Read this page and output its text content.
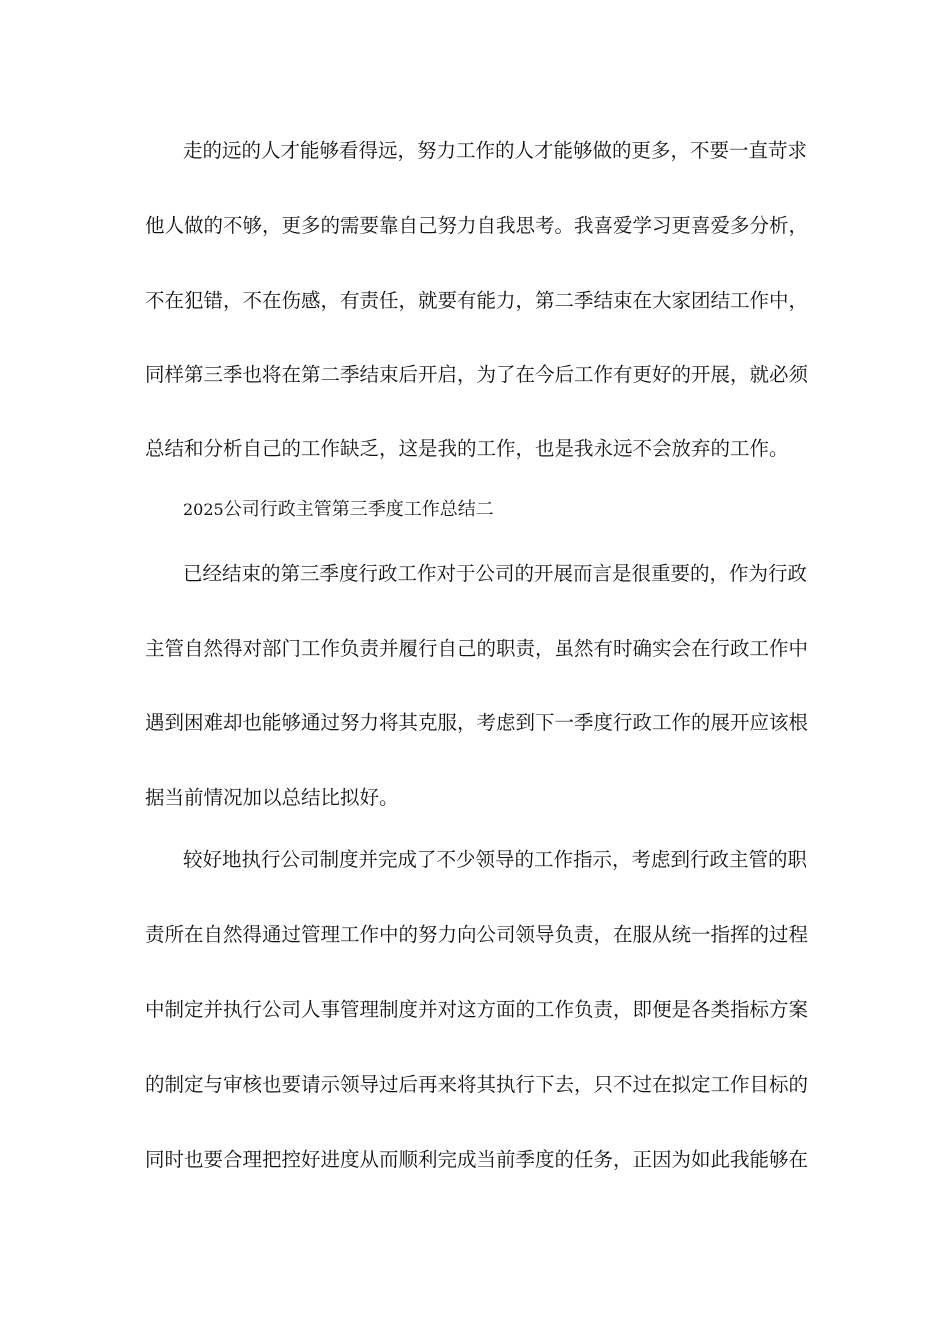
走的远的人才能够看得远，努力工作的人才能够做的更多，不要一直苛求
他人做的不够，更多的需要靠自己努力自我思考。我喜爱学习更喜爱多分析，
不在犯错，不在伤感，有责任，就要有能力，第二季结束在大家团结工作中，
同样第三季也将在第二季结束后开启，为了在今后工作有更好的开展，就必须
总结和分析自己的工作缺乏，这是我的工作，也是我永远不会放弃的工作。
2025公司行政主管第三季度工作总结二
已经结束的第三季度行政工作对于公司的开展而言是很重要的，作为行政
主管自然得对部门工作负责并履行自己的职责，虽然有时确实会在行政工作中
遇到困难却也能够通过努力将其克服，考虑到下一季度行政工作的展开应该根
据当前情况加以总结比拟好。
较好地执行公司制度并完成了不少领导的工作指示，考虑到行政主管的职
责所在自然得通过管理工作中的努力向公司领导负责，在服从统一指挥的过程
中制定并执行公司人事管理制度并对这方面的工作负责，即便是各类指标方案
的制定与审核也要请示领导过后再来将其执行下去，只不过在拟定工作目标的
同时也要合理把控好进度从而顺利完成当前季度的任务，正因为如此我能够在
